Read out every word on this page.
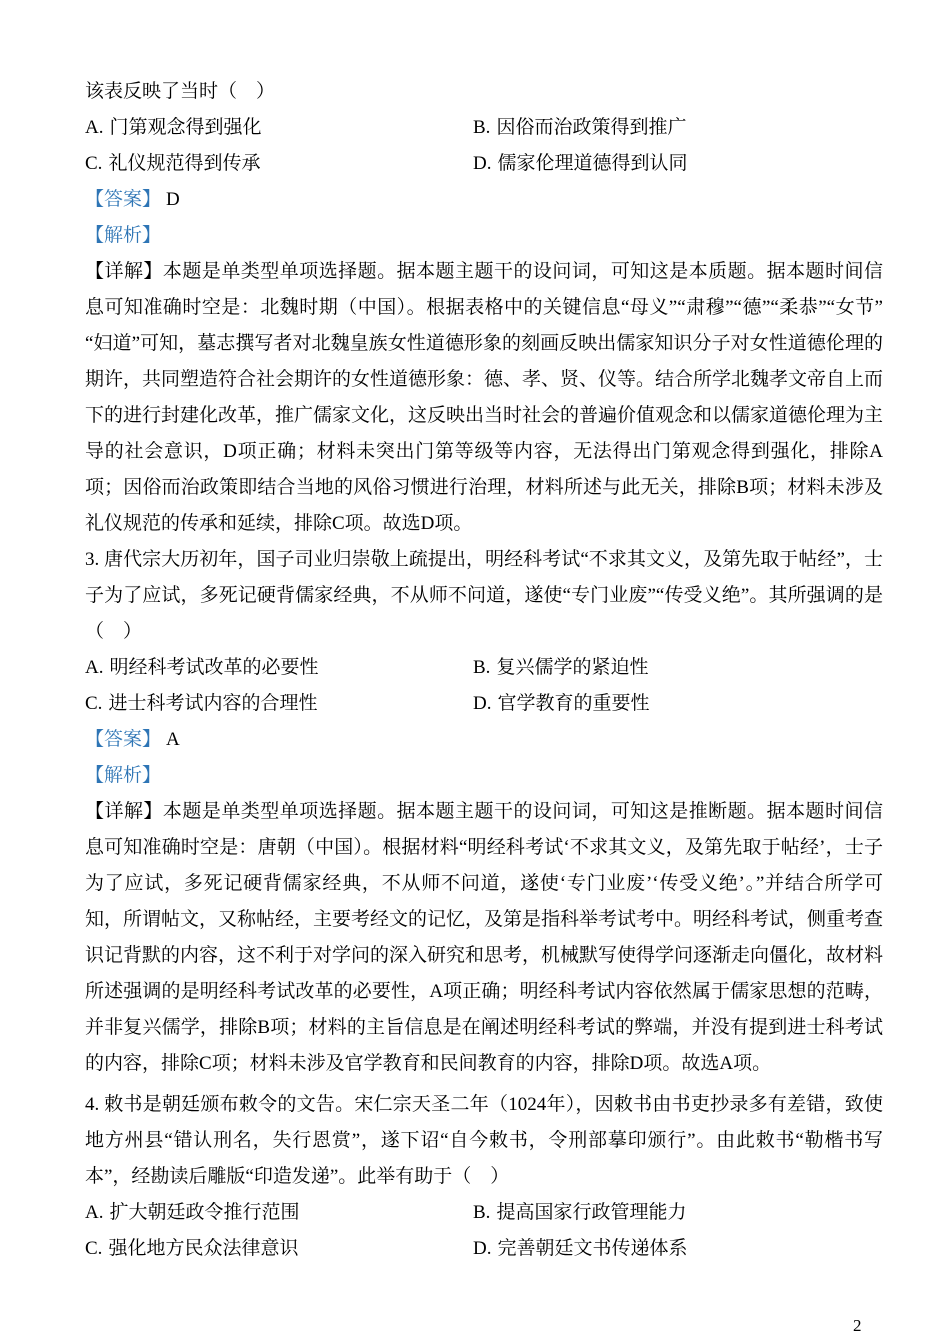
该表反映了当时（　）

A. 门第观念得到强化	B. 因俗而治政策得到推广
C. 礼仪规范得到传承	D. 儒家伦理道德得到认同

【答案】 D

【解析】

【详解】本题是单类型单项选择题。据本题主题干的设问词，可知这是本质题。据本题时间信息可知准确时空是：北魏时期（中国）。根据表格中的关键信息“母义”“肃穆”“德”“柔恭”“女节”“妇道”可知，墓志撰写者对北魏皇族女性道德形象的刻画反映出儒家知识分子对女性道德伦理的期许，共同塑造符合社会期许的女性道德形象：德、孝、贤、仪等。结合所学北魏孝文帝自上而下的进行封建化改革，推广儒家文化，这反映出当时社会的普遍价值观念和以儒家道德伦理为主导的社会意识，D项正确；材料未突出门第等级等内容，无法得出门第观念得到强化，排除A项；因俗而治政策即结合当地的风俗习惯进行治理，材料所述与此无关，排除B项；材料未涉及礼仪规范的传承和延续，排除C项。故选D项。

3. 唐代宗大历初年，国子司业归崇敬上疏提出，明经科考试“不求其文义，及第先取于帖经”，士子为了应试，多死记硬背儒家经典，不从师不问道，遂使“专门业废”“传受义绝”。其所强调的是（　）

A. 明经科考试改革的必要性	B. 复兴儒学的紧迫性
C. 进士科考试内容的合理性	D. 官学教育的重要性

【答案】 A

【解析】

【详解】本题是单类型单项选择题。据本题主题干的设问词，可知这是推断题。据本题时间信息可知准确时空是：唐朝（中国）。根据材料“明经科考试‘不求其文义，及第先取于帖经’，士子为了应试，多死记硬背儒家经典，不从师不问道，遂使‘专门业废’‘传受义绝’。”并结合所学可知，所谓帖文，又称帖经，主要考经文的记忆，及第是指科举考试考中。明经科考试，侧重考查识记背默的内容，这不利于对学问的深入研究和思考，机械默写使得学问逐渐走向僵化，故材料所述强调的是明经科考试改革的必要性，A项正确；明经科考试内容依然属于儒家思想的范畴，并非复兴儒学，排除B项；材料的主旨信息是在阐述明经科考试的弊端，并没有提到进士科考试的内容，排除C项；材料未涉及官学教育和民间教育的内容，排除D项。故选A项。

4. 敕书是朝廷颁布敕令的文告。宋仁宗天圣二年（1024年），因敕书由书吏抄录多有差错，致使地方州县“错认刑名，失行恩赏”，遂下诏“自今敕书，令刑部摹印颁行”。由此敕书“勒楷书写本”，经勘读后雕版“印造发递”。此举有助于（　）

A. 扩大朝廷政令推行范围	B. 提高国家行政管理能力
C. 强化地方民众法律意识	D. 完善朝廷文书传递体系
2
